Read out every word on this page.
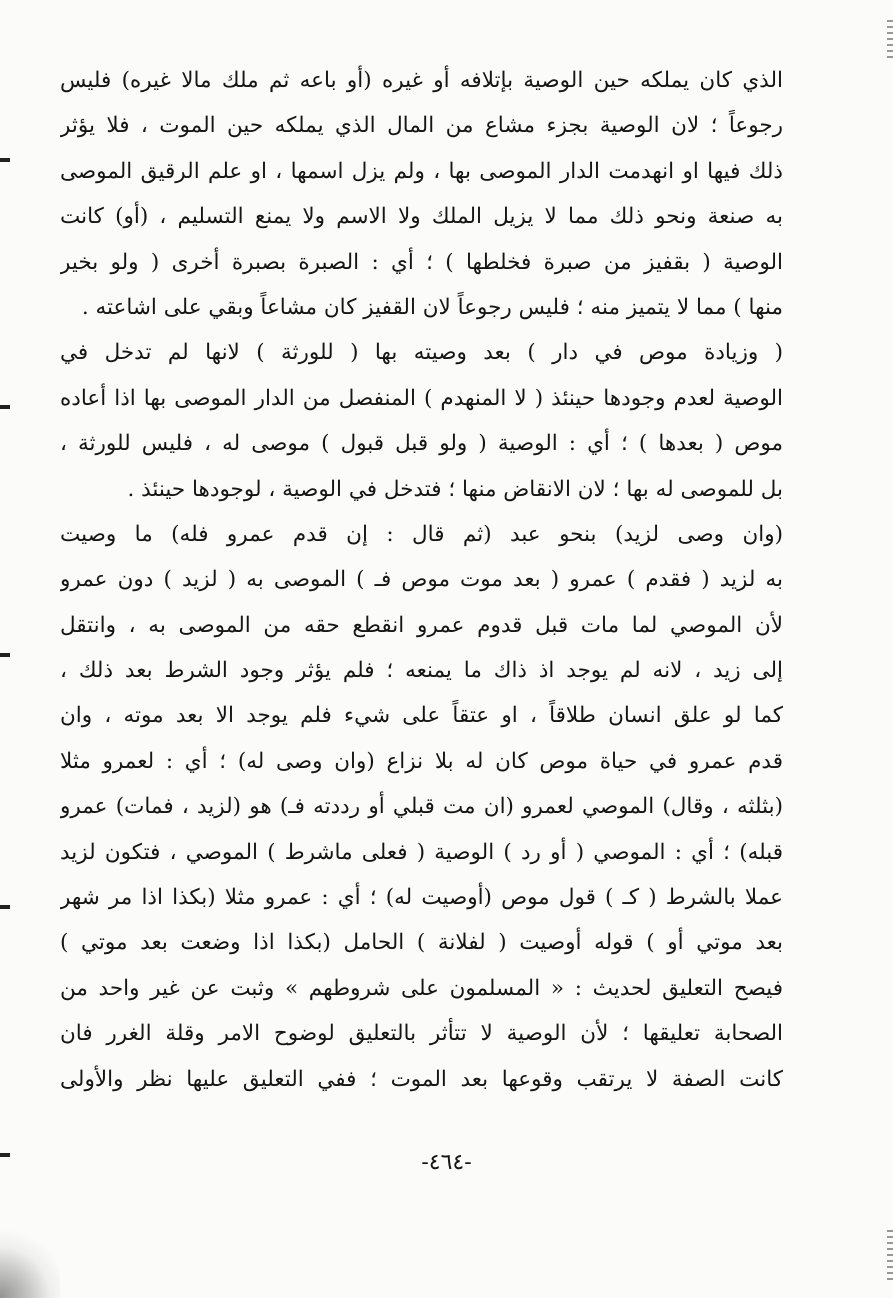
الذي كان يملكه حين الوصية بإتلافه أو غيره (أو باعه ثم ملك مالا غيره) فليس
رجوعاً ؛ لان الوصية بجزء مشاع من المال الذي يملكه حين الموت ، فلا يؤثر
ذلك فيها او انهدمت الدار الموصى بها ، ولم يزل اسمها ، او علم الرقيق الموصى
به صنعة ونحو ذلك مما لا يزيل الملك ولا الاسم ولا يمنع التسليم ، (أو) كانت
الوصية ( بقفيز من صبرة فخلطها ) ؛ أي : الصبرة بصبرة أخرى ( ولو بخير
منها ) مما لا يتميز منه ؛ فليس رجوعاً لان القفيز كان مشاعاً وبقي على اشاعته .
( وزيادة موص في دار ) بعد وصيته بها ( للورثة ) لانها لم تدخل في
الوصية لعدم وجودها حينئذ ( لا المنهدم ) المنفصل من الدار الموصى بها اذا أعاده
موص ( بعدها ) ؛ أي : الوصية ( ولو قبل قبول ) موصى له ، فليس للورثة ،
بل للموصى له بها ؛ لان الانقاض منها ؛ فتدخل في الوصية ، لوجودها حينئذ .
(وان وصى لزيد) بنحو عبد (ثم قال : إن قدم عمرو فله) ما وصيت
به لزيد ( فقدم ) عمرو ( بعد موت موص فـ ) الموصى به ( لزيد ) دون عمرو
لأن الموصي لما مات قبل قدوم عمرو انقطع حقه من الموصى به ، وانتقل
إلى زيد ، لانه لم يوجد اذ ذاك ما يمنعه ؛ فلم يؤثر وجود الشرط بعد ذلك ،
كما لو علق انسان طلاقاً ، او عتقاً على شيء فلم يوجد الا بعد موته ، وان
قدم عمرو في حياة موص كان له بلا نزاع (وان وصى له) ؛ أي : لعمرو مثلا
(بثلثه ، وقال) الموصي لعمرو (ان مت قبلي أو رددته فـ) هو (لزيد ، فمات) عمرو
قبله) ؛ أي : الموصي ( أو رد ) الوصية ( فعلى ماشرط ) الموصي ، فتكون لزيد
عملا بالشرط ( كـ ) قول موص (أوصيت له) ؛ أي : عمرو مثلا (بكذا اذا مر شهر
بعد موتي أو ) قوله أوصيت ( لفلانة ) الحامل (بكذا اذا وضعت بعد موتي )
فيصح التعليق لحديث : « المسلمون على شروطهم » وثبت عن غير واحد من
الصحابة تعليقها ؛ لأن الوصية لا تتأثر بالتعليق لوضوح الامر وقلة الغرر فان
كانت الصفة لا يرتقب وقوعها بعد الموت ؛ ففي التعليق عليها نظر والأولى
-٤٦٤-
